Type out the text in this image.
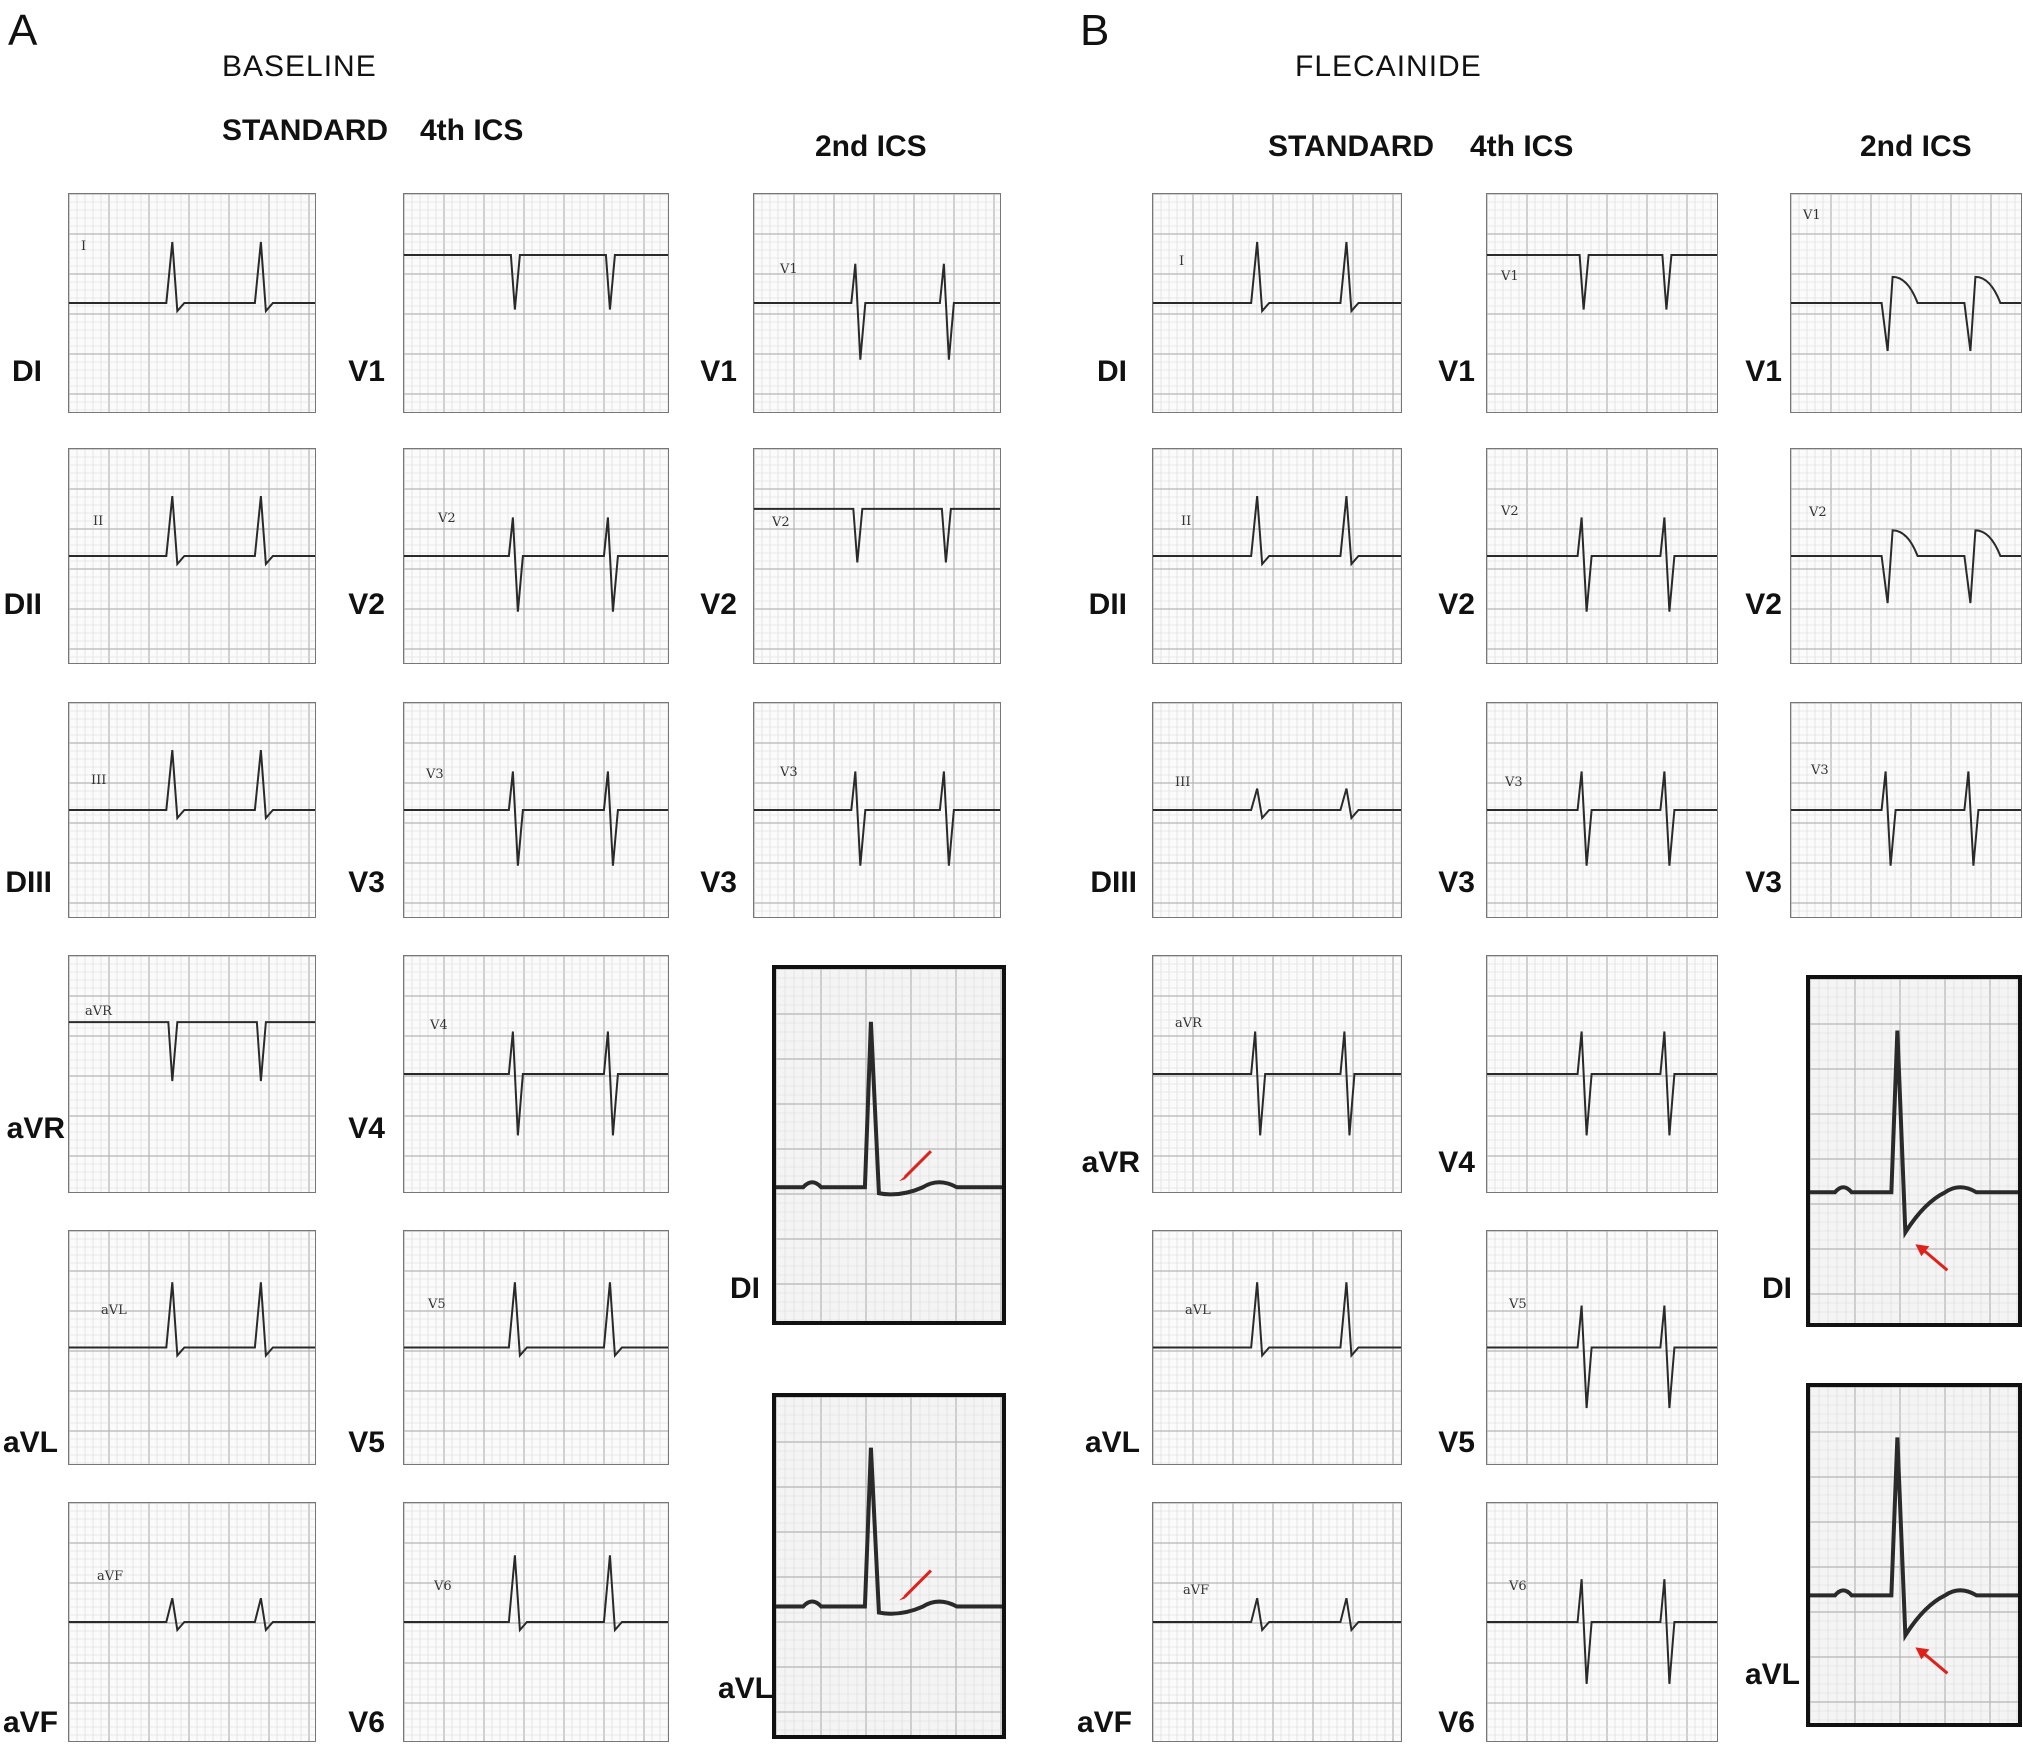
A
BASELINE
STANDARD 4th ICS	2nd ICS
I
II
III
aVR
aVL
aVF
V2
V3
V4
V5
V6
V1
V2
V3
DI
DII
DIII
aVR
aVL
aVF
V1
V2
V3
V4
V5
V6
V1
V2
V3
DI
aVL
B
FLECAINIDE
STANDARD 4th ICS	2nd ICS
I
II
III
aVR
aVL
aVF
V1
V2
V3
V5
V6
V1
V2
V3
DI
DII
DIII
aVR
aVL
aVF
V1
V2
V3
V4
V5
V6
V1
V2
V3
DI
aVL
